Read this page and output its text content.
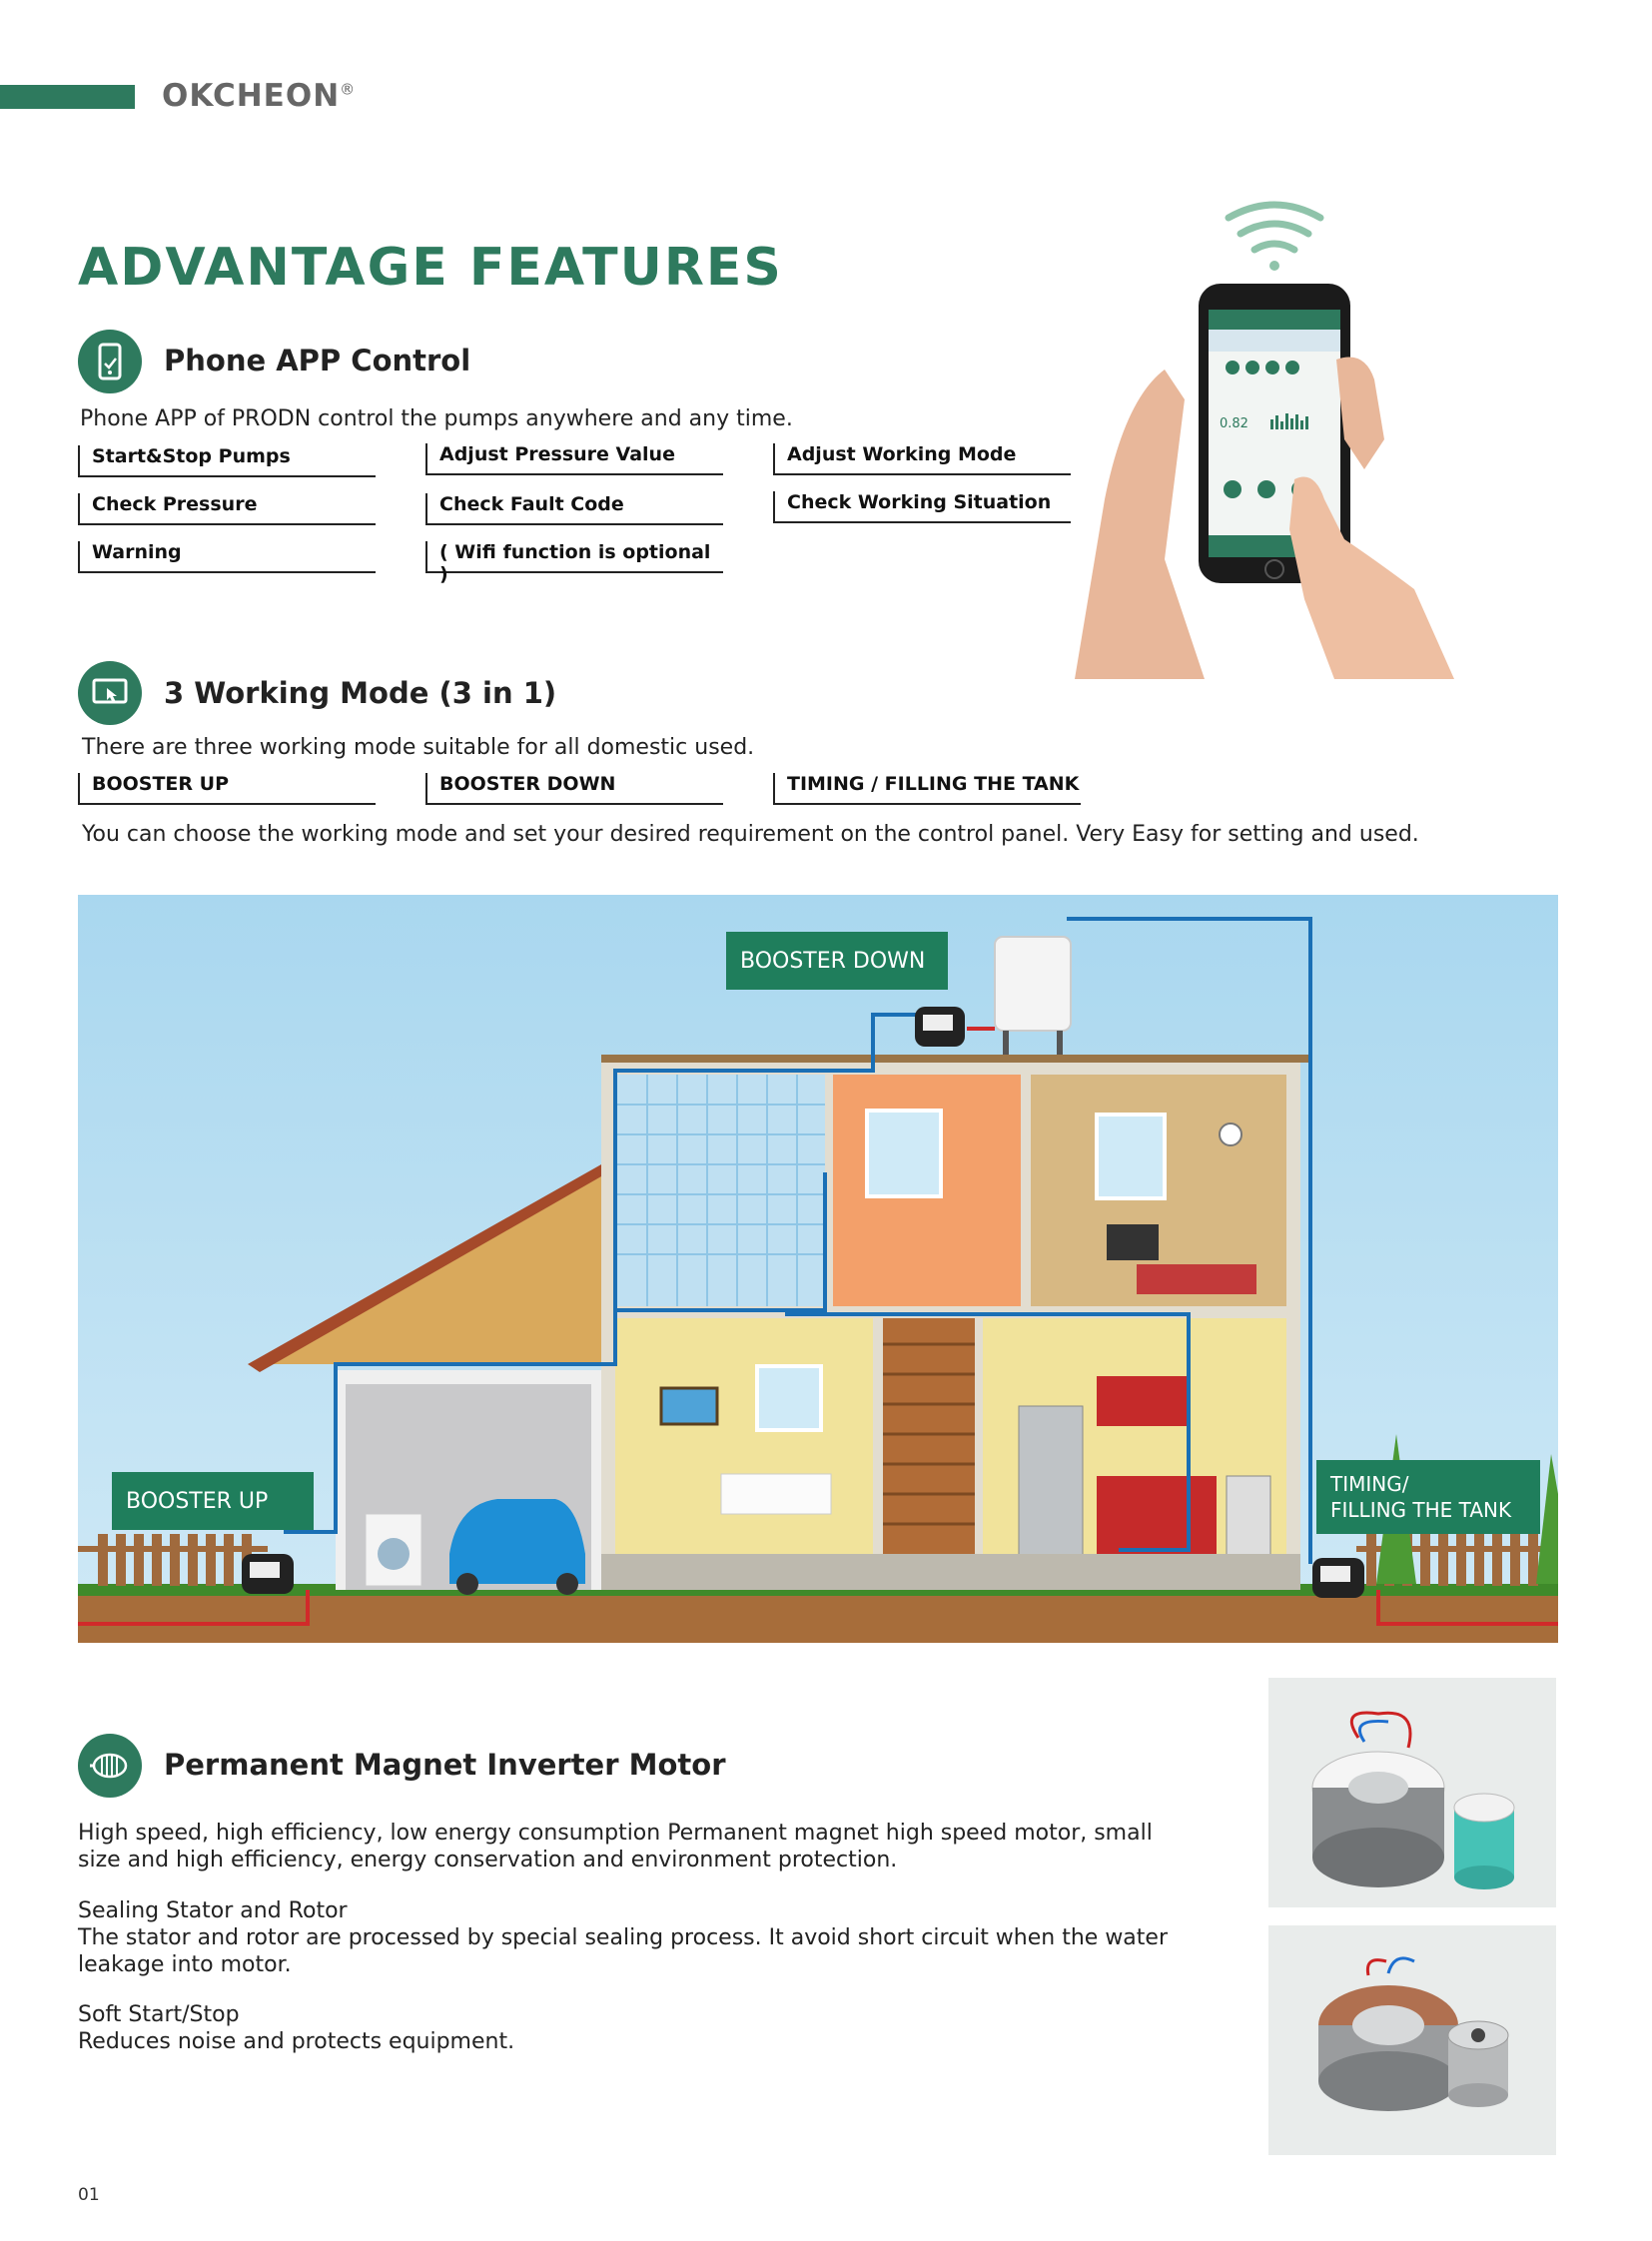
OKCHEON®
ADVANTAGE FEATURES
Phone APP Control
Phone APP of PRODN control the pumps anywhere and any time.
Start&Stop Pumps	Adjust Pressure Value	Adjust Working Mode
Check Pressure	Check Fault Code	Check Working Situation
Warning	( Wifi function is optional )
0.82
3 Working Mode (3 in 1)
There are three working mode suitable for all domestic used.
BOOSTER UP	BOOSTER DOWN	TIMING / FILLING THE TANK
You can choose the working mode and set your desired requirement on the control panel. Very Easy for setting and used.
BOOSTER DOWN
BOOSTER UP
TIMING/
FILLING THE TANK
Permanent Magnet Inverter Motor
High speed, high efficiency, low energy consumption Permanent magnet high speed motor, small
size and high efficiency, energy conservation and environment protection.
Sealing Stator and Rotor
The stator and rotor are processed by special sealing process. It avoid short circuit when the water
leakage into motor.
Soft Start/Stop
Reduces noise and protects equipment.
01
